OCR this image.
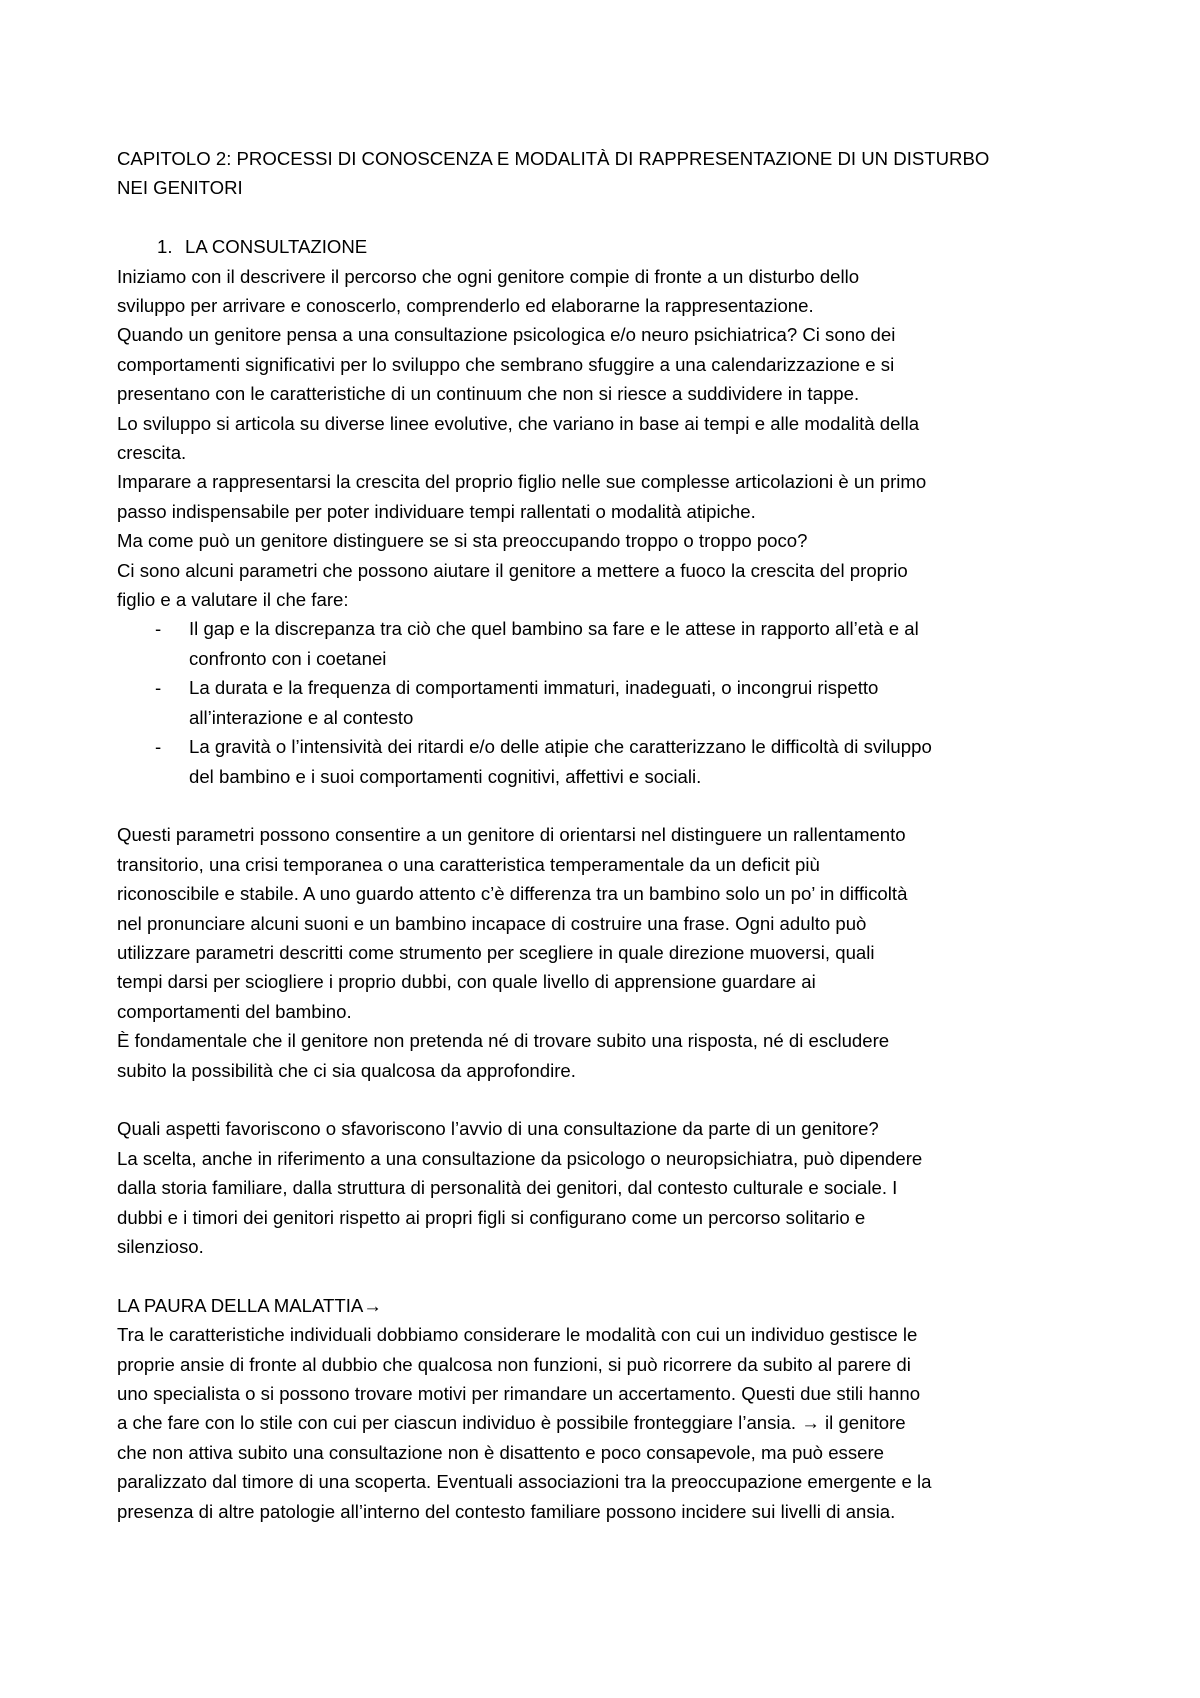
CAPITOLO 2: PROCESSI DI CONOSCENZA E MODALITÀ DI RAPPRESENTAZIONE DI UN DISTURBO
NEI GENITORI
1. LA CONSULTAZIONE
Iniziamo con il descrivere il percorso che ogni genitore compie di fronte a un disturbo dello
sviluppo per arrivare e conoscerlo, comprenderlo ed elaborarne la rappresentazione.
Quando un genitore pensa a una consultazione psicologica e/o neuro psichiatrica? Ci sono dei
comportamenti significativi per lo sviluppo che sembrano sfuggire a una calendarizzazione e si
presentano con le caratteristiche di un continuum che non si riesce a suddividere in tappe.
Lo sviluppo si articola su diverse linee evolutive, che variano in base ai tempi e alle modalità della
crescita.
Imparare a rappresentarsi la crescita del proprio figlio nelle sue complesse articolazioni è un primo
passo indispensabile per poter individuare tempi rallentati o modalità atipiche.
Ma come può un genitore distinguere se si sta preoccupando troppo o troppo poco?
Ci sono alcuni parametri che possono aiutare il genitore a mettere a fuoco la crescita del proprio
figlio e a valutare il che fare:
- Il gap e la discrepanza tra ciò che quel bambino sa fare e le attese in rapporto all’età e al
confronto con i coetanei
- La durata e la frequenza di comportamenti immaturi, inadeguati, o incongrui rispetto
all’interazione e al contesto
- La gravità o l’intensività dei ritardi e/o delle atipie che caratterizzano le difficoltà di sviluppo
del bambino e i suoi comportamenti cognitivi, affettivi e sociali.
Questi parametri possono consentire a un genitore di orientarsi nel distinguere un rallentamento
transitorio, una crisi temporanea o una caratteristica temperamentale da un deficit più
riconoscibile e stabile. A uno guardo attento c’è differenza tra un bambino solo un po’ in difficoltà
nel pronunciare alcuni suoni e un bambino incapace di costruire una frase. Ogni adulto può
utilizzare parametri descritti come strumento per scegliere in quale direzione muoversi, quali
tempi darsi per sciogliere i proprio dubbi, con quale livello di apprensione guardare ai
comportamenti del bambino.
È fondamentale che il genitore non pretenda né di trovare subito una risposta, né di escludere
subito la possibilità che ci sia qualcosa da approfondire.
Quali aspetti favoriscono o sfavoriscono l’avvio di una consultazione da parte di un genitore?
La scelta, anche in riferimento a una consultazione da psicologo o neuropsichiatra, può dipendere
dalla storia familiare, dalla struttura di personalità dei genitori, dal contesto culturale e sociale. I
dubbi e i timori dei genitori rispetto ai propri figli si configurano come un percorso solitario e
silenzioso.
LA PAURA DELLA MALATTIA→
Tra le caratteristiche individuali dobbiamo considerare le modalità con cui un individuo gestisce le
proprie ansie di fronte al dubbio che qualcosa non funzioni, si può ricorrere da subito al parere di
uno specialista o si possono trovare motivi per rimandare un accertamento. Questi due stili hanno
a che fare con lo stile con cui per ciascun individuo è possibile fronteggiare l’ansia. → il genitore
che non attiva subito una consultazione non è disattento e poco consapevole, ma può essere
paralizzato dal timore di una scoperta. Eventuali associazioni tra la preoccupazione emergente e la
presenza di altre patologie all’interno del contesto familiare possono incidere sui livelli di ansia.
